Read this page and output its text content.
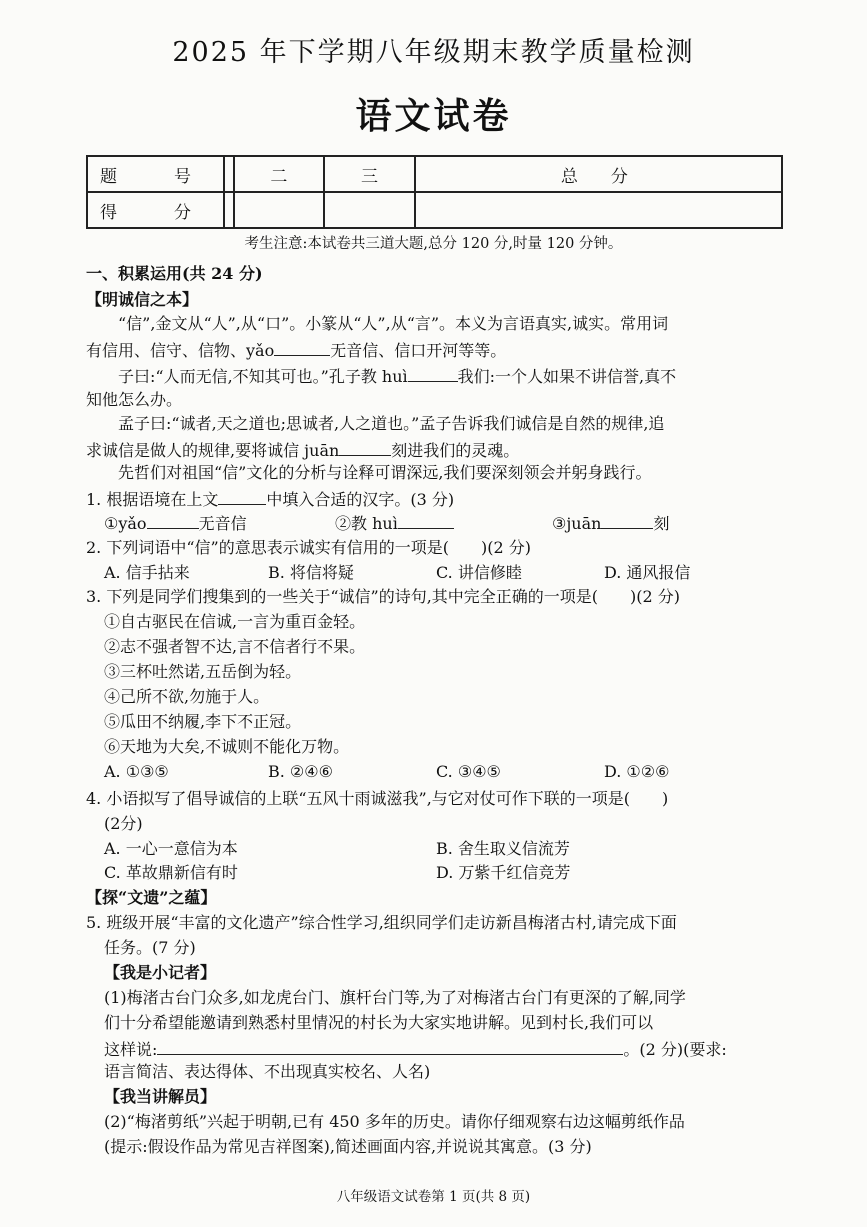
2025 年下学期八年级期末教学质量检测
语文试卷
题　号		二	三	总　分
得　分				
考生注意:本试卷共三道大题,总分 120 分,时量 120 分钟。
一、积累运用(共 24 分)
【明诚信之本】
“信”,金文从“人”,从“口”。小篆从“人”,从“言”。本义为言语真实,诚实。常用词
有信用、信守、信物、yǎo	无音信、信口开河等等。
子曰:“人而无信,不知其可也。”孔子教 huì	我们:一个人如果不讲信誉,真不
知他怎么办。
孟子曰:“诚者,天之道也;思诚者,人之道也。”孟子告诉我们诚信是自然的规律,追
求诚信是做人的规律,要将诚信 juān	刻进我们的灵魂。
先哲们对祖国“信”文化的分析与诠释可谓深远,我们要深刻领会并躬身践行。
1. 根据语境在上文	中填入合适的汉字。(3 分)
①yǎo	无音信	②教 huì	③juān	刻
2. 下列词语中“信”的意思表示诚实有信用的一项是(　　)(2 分)
A. 信手拈来	B. 将信将疑	C. 讲信修睦	D. 通风报信
3. 下列是同学们搜集到的一些关于“诚信”的诗句,其中完全正确的一项是(　　)(2 分)
①自古驱民在信诚,一言为重百金轻。
②志不强者智不达,言不信者行不果。
③三杯吐然诺,五岳倒为轻。
④己所不欲,勿施于人。
⑤瓜田不纳履,李下不正冠。
⑥天地为大矣,不诚则不能化万物。
A. ①③⑤	B. ②④⑥	C. ③④⑤	D. ①②⑥
4. 小语拟写了倡导诚信的上联“五风十雨诚滋我”,与它对仗可作下联的一项是(　　)
(2分)
A. 一心一意信为本	B. 舍生取义信流芳
C. 革故鼎新信有时	D. 万紫千红信竞芳
【探“文遗”之蕴】
5. 班级开展“丰富的文化遗产”综合性学习,组织同学们走访新昌梅渚古村,请完成下面
任务。(7 分)
【我是小记者】
(1)梅渚古台门众多,如龙虎台门、旗杆台门等,为了对梅渚古台门有更深的了解,同学
们十分希望能邀请到熟悉村里情况的村长为大家实地讲解。见到村长,我们可以
这样说:	。(2 分)(要求:
语言简洁、表达得体、不出现真实校名、人名)
【我当讲解员】
(2)“梅渚剪纸”兴起于明朝,已有 450 多年的历史。请你仔细观察右边这幅剪纸作品
(提示:假设作品为常见吉祥图案),简述画面内容,并说说其寓意。(3 分)
八年级语文试卷第 1 页(共 8 页)
